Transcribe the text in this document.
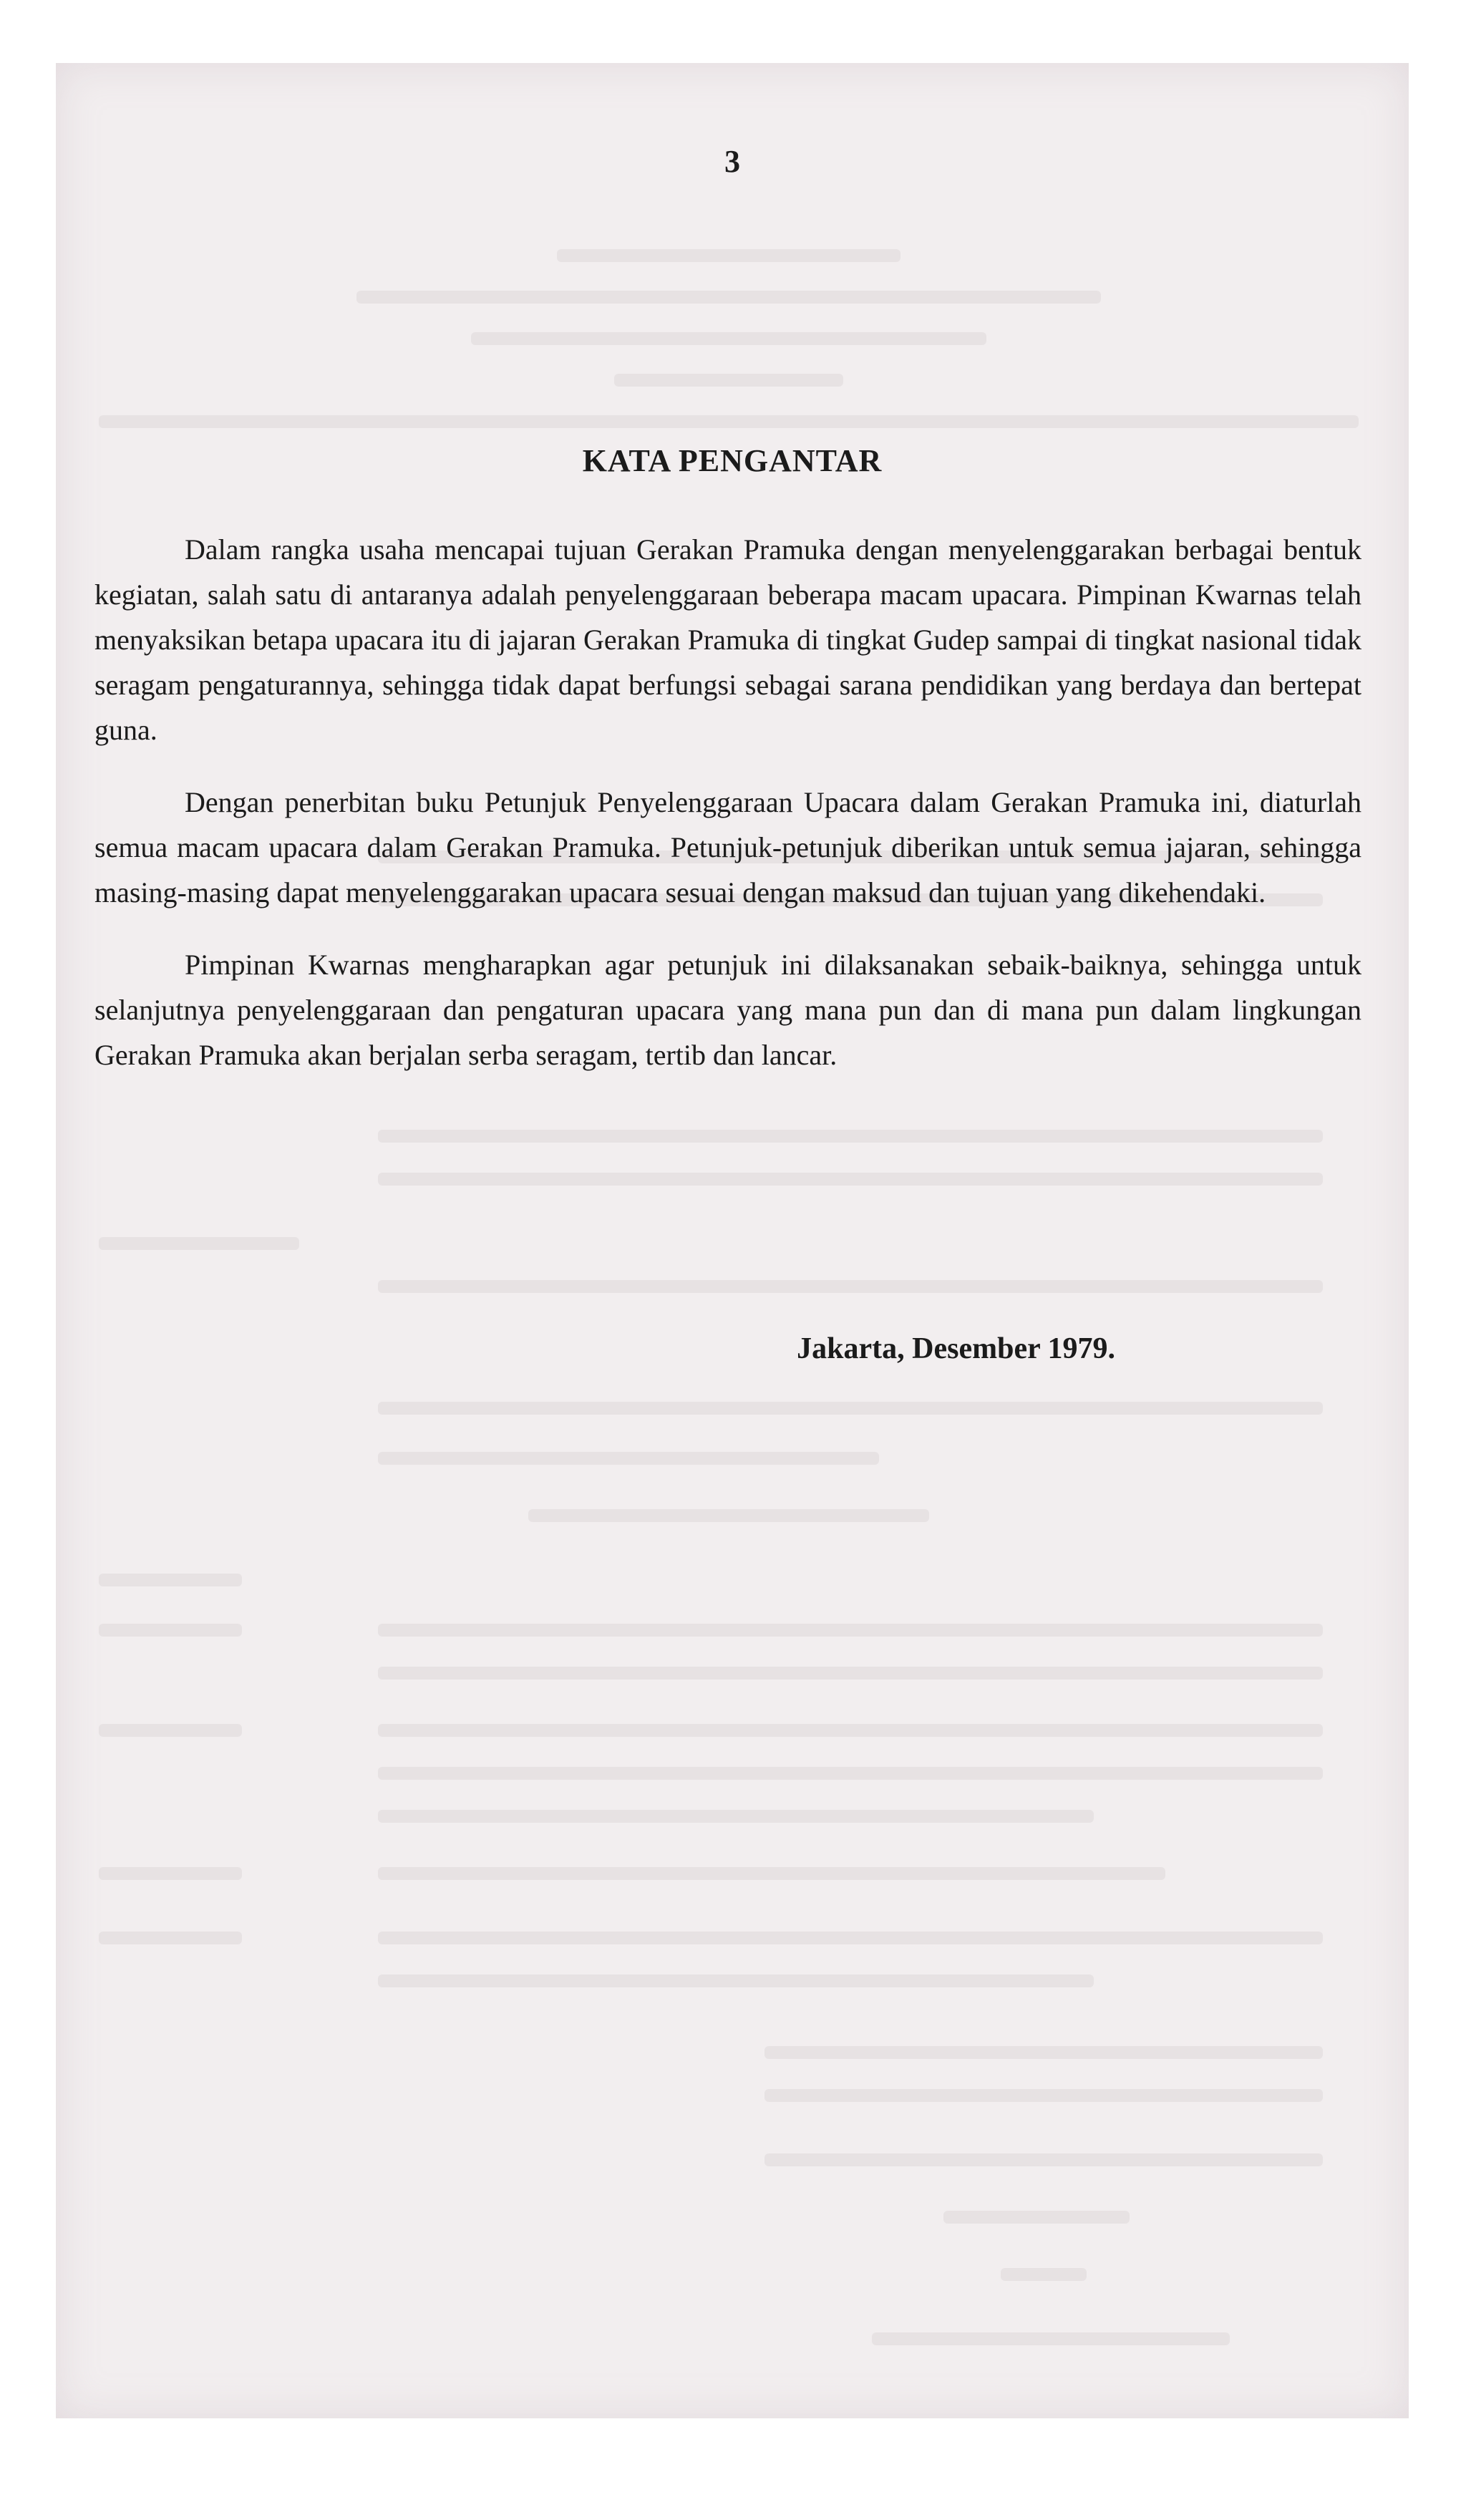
3
KATA PENGANTAR

Dalam rangka usaha mencapai tujuan Gerakan Pramuka dengan menyelenggarakan berbagai bentuk kegiatan, salah satu di antaranya adalah penyelenggaraan beberapa macam upacara. Pimpinan Kwarnas telah menyaksikan betapa upacara itu di jajaran Gerakan Pramuka di tingkat Gudep sampai di tingkat nasional tidak seragam pengaturannya, sehingga tidak dapat berfungsi sebagai sarana pendidikan yang berdaya dan bertepat guna.

Dengan penerbitan buku Petunjuk Penyelenggaraan Upacara dalam Gerakan Pramuka ini, diaturlah semua macam upacara dalam Gerakan Pramuka. Petunjuk-petunjuk diberikan untuk semua jajaran, sehingga masing-masing dapat menyelenggarakan upacara sesuai dengan maksud dan tujuan yang dikehendaki.

Pimpinan Kwarnas mengharapkan agar petunjuk ini dilaksanakan sebaik-baiknya, sehingga untuk selanjutnya penyelenggaraan dan pengaturan upacara yang mana pun dan di mana pun dalam lingkungan Gerakan Pramuka akan berjalan serba seragam, tertib dan lancar.

Jakarta, Desember 1979.
